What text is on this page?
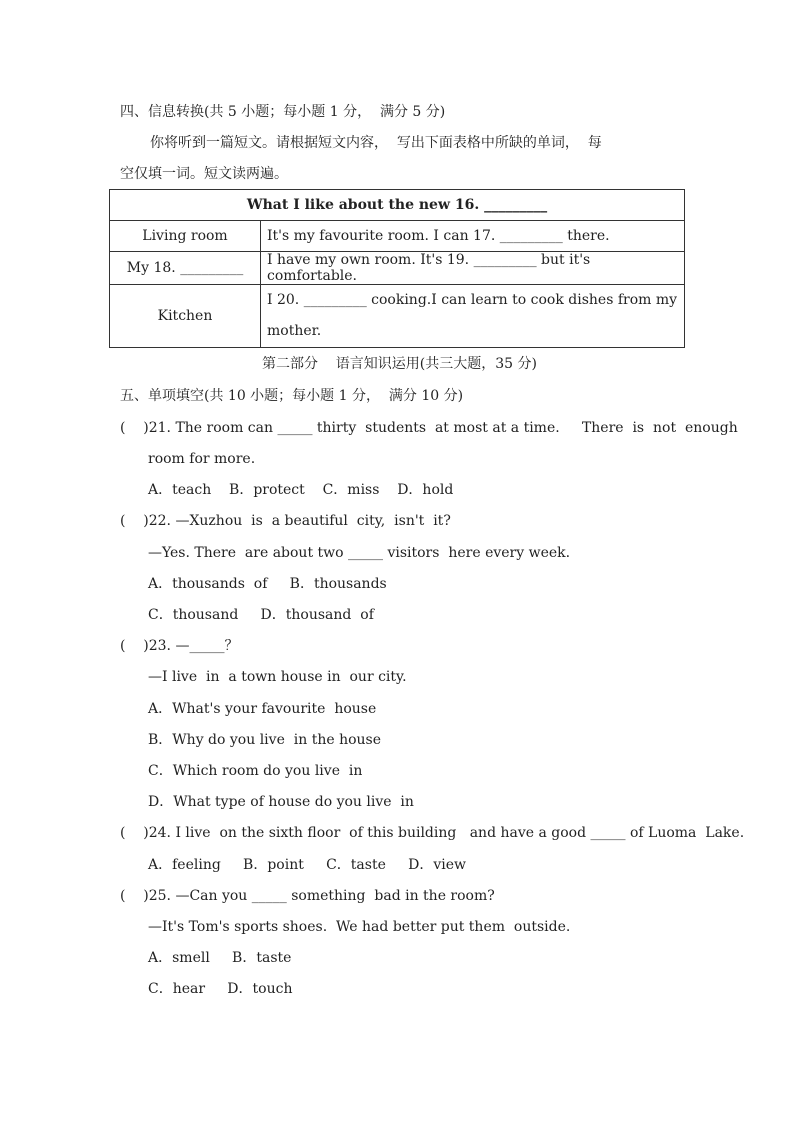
四、信息转换(共 5 小题；每小题 1 分，  满分 5 分)
你将听到一篇短文。请根据短文内容，  写出下面表格中所缺的单词，  每
空仅填一词。短文读两遍。
What I like about the new 16. _________	
Living room	It's my favourite room. I can 17. _________ there.
My 18. _________	I have my own room. It's 19. _________ but it's comfortable.
Kitchen	I 20. _________ cooking.I can learn to cook dishes from my
mother.
第二部分    语言知识运用(共三大题，35 分)
五、单项填空(共 10 小题；每小题 1 分，  满分 10 分)
(    )21. The room can _____ thirty  students  at most at a time.     There  is  not  enough
room for more.
A．teach    B．protect    C．miss    D．hold
(    )22. —Xuzhou  is  a beautiful  city,  isn't  it?
—Yes. There  are about two _____ visitors  here every week.
A．thousands  of     B．thousands
C．thousand     D．thousand  of
(    )23. —_____？
—I live  in  a town house in  our city.
A．What's your favourite  house
B．Why do you live  in the house
C．Which room do you live  in
D．What type of house do you live  in
(    )24. I live  on the sixth floor  of this building   and have a good _____ of Luoma  Lake.
A．feeling     B．point     C．taste     D．view
(    )25. —Can you _____ something  bad in the room?
—It's Tom's sports shoes.  We had better put them  outside.
A．smell     B．taste
C．hear     D．touch
